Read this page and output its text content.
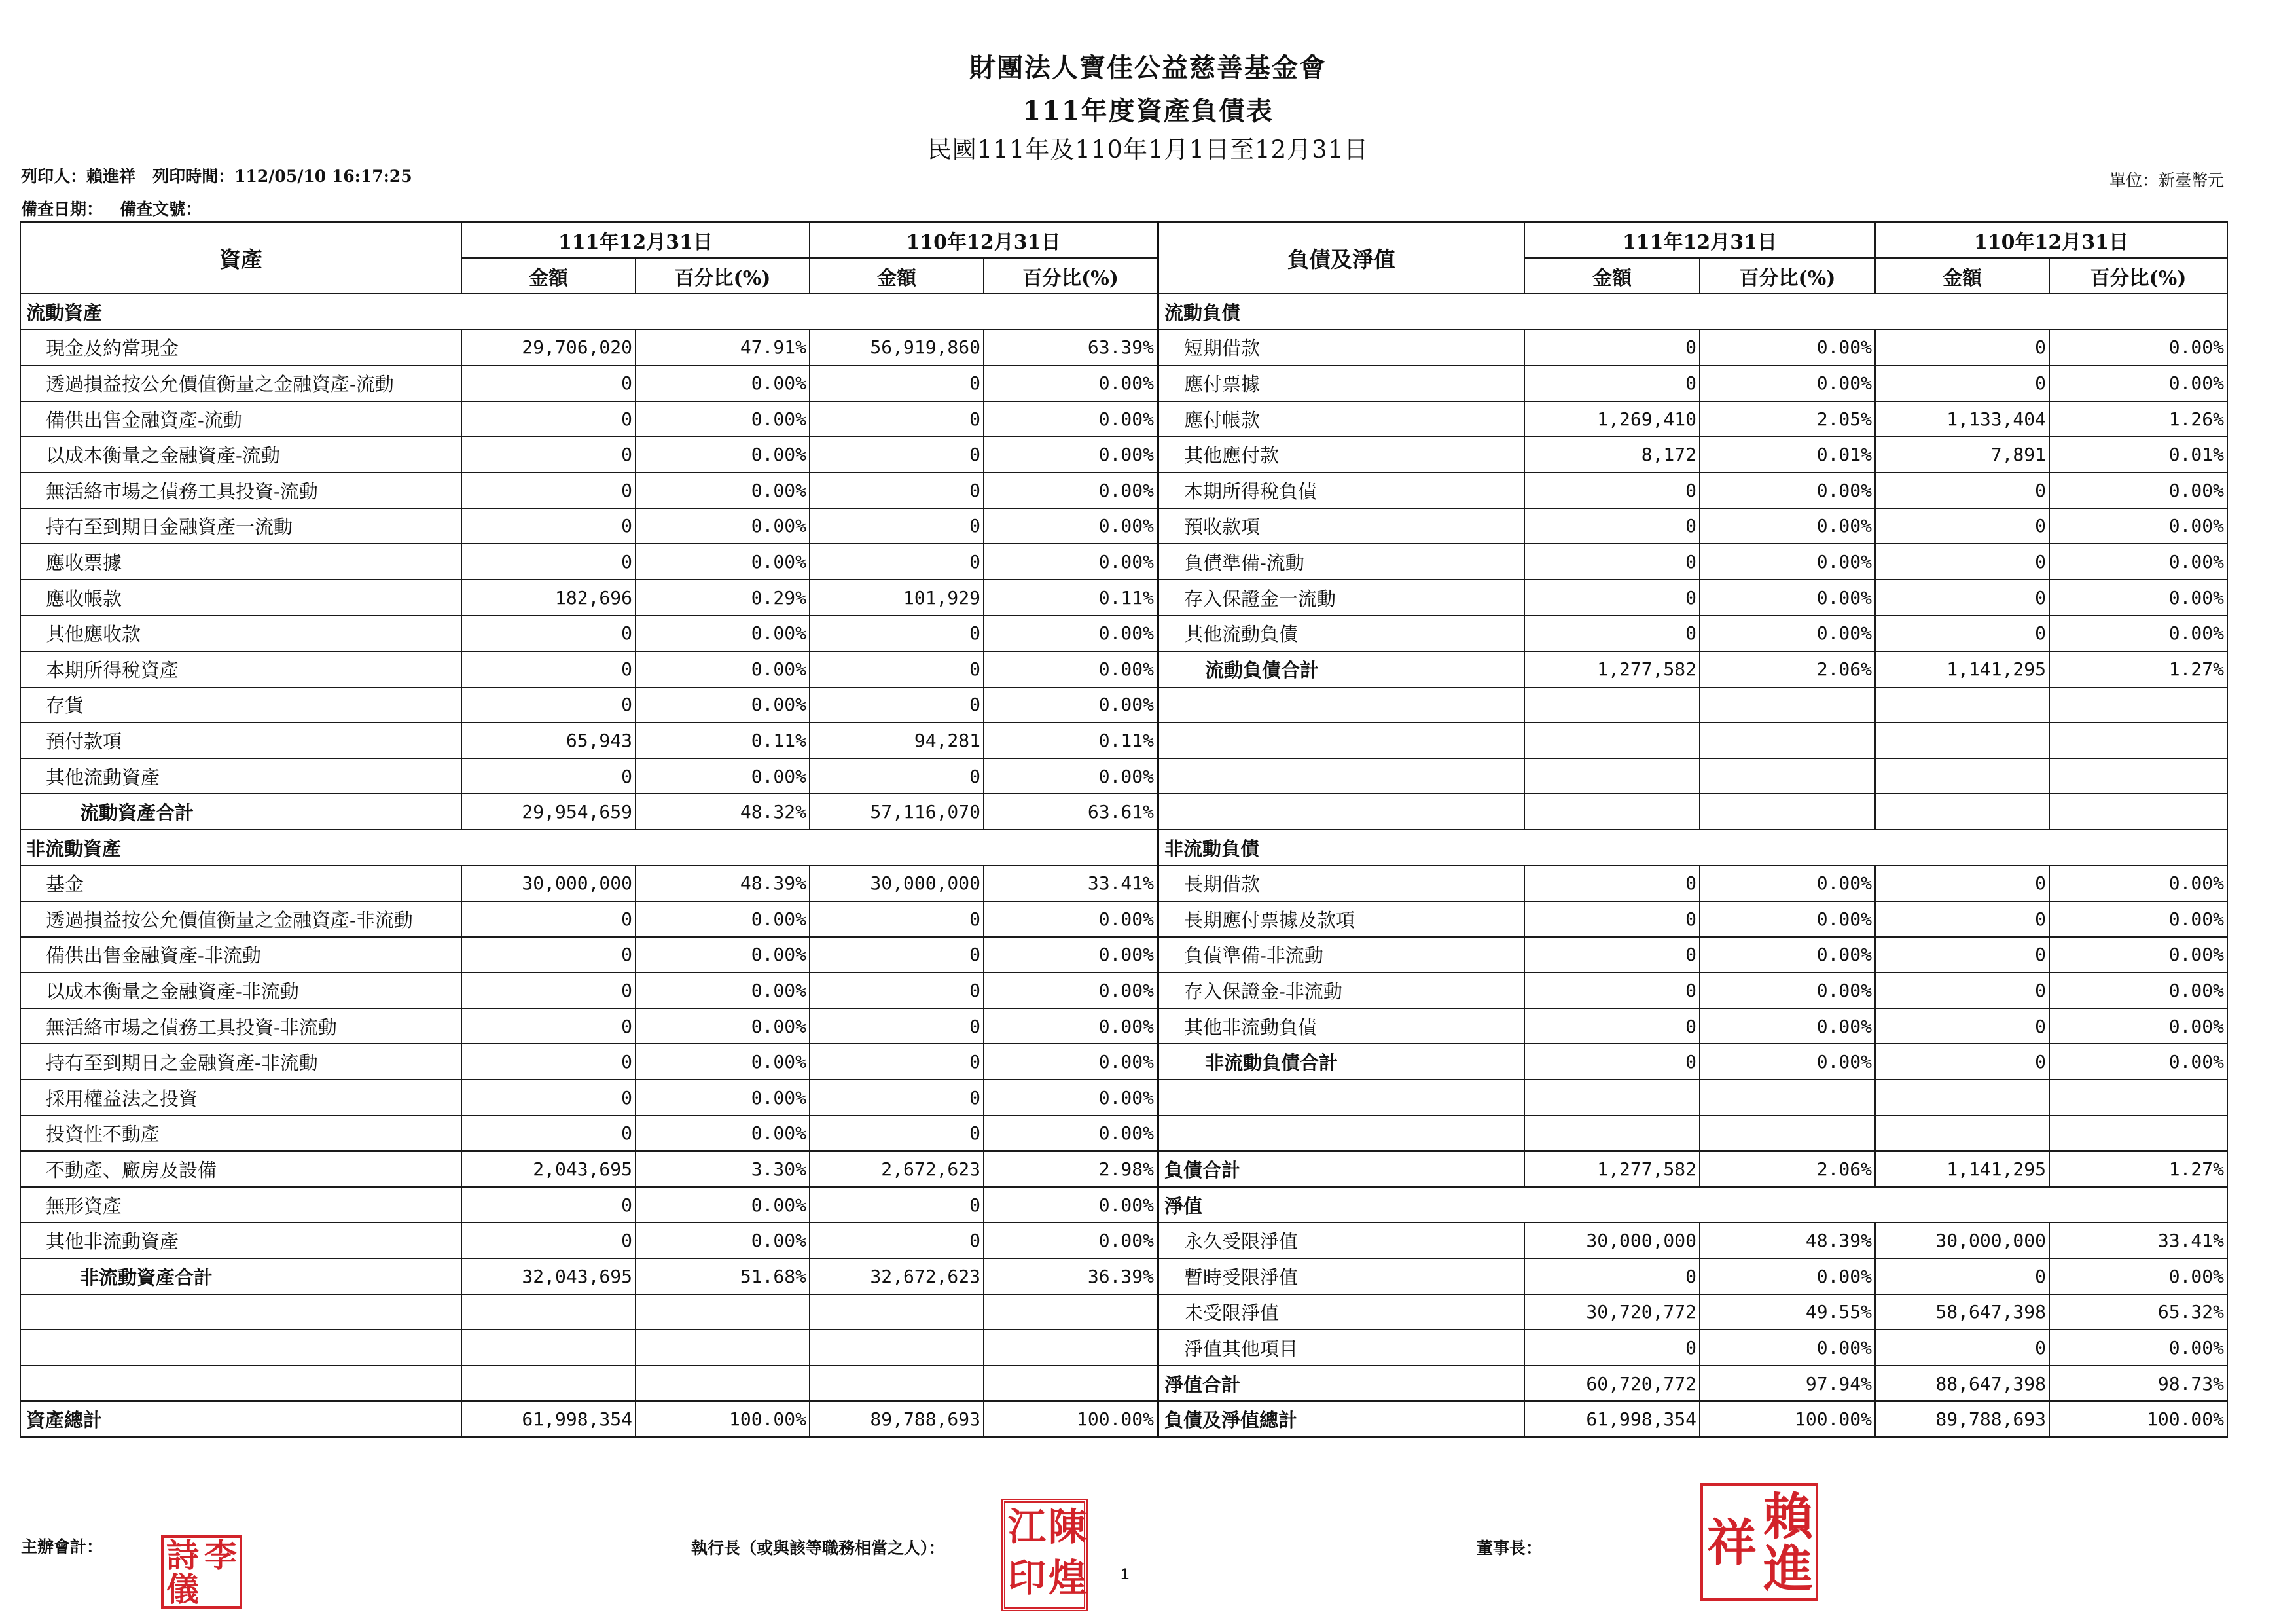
財團法人寶佳公益慈善基金會
111年度資產負債表
民國111年及110年1月1日至12月31日
列印人：賴進祥   列印時間：112/05/10 16:17:25
備查日期：   備查文號：
單位：新臺幣元
資產	111年12月31日		110年12月31日		負債及淨值	111年12月31日		110年12月31日	
	金額	百分比(%)	金額	百分比(%)		金額	百分比(%)	金額	百分比(%)
流動資產					流動負債				
現金及約當現金	29,706,020	47.91%	56,919,860	63.39%	短期借款	0	0.00%	0	0.00%
透過損益按公允價值衡量之金融資產-流動	0	0.00%	0	0.00%	應付票據	0	0.00%	0	0.00%
備供出售金融資產-流動	0	0.00%	0	0.00%	應付帳款	1,269,410	2.05%	1,133,404	1.26%
以成本衡量之金融資產-流動	0	0.00%	0	0.00%	其他應付款	8,172	0.01%	7,891	0.01%
無活絡市場之債務工具投資-流動	0	0.00%	0	0.00%	本期所得稅負債	0	0.00%	0	0.00%
持有至到期日金融資產一流動	0	0.00%	0	0.00%	預收款項	0	0.00%	0	0.00%
應收票據	0	0.00%	0	0.00%	負債準備-流動	0	0.00%	0	0.00%
應收帳款	182,696	0.29%	101,929	0.11%	存入保證金一流動	0	0.00%	0	0.00%
其他應收款	0	0.00%	0	0.00%	其他流動負債	0	0.00%	0	0.00%
本期所得稅資產	0	0.00%	0	0.00%	流動負債合計	1,277,582	2.06%	1,141,295	1.27%
存貨	0	0.00%	0	0.00%					
預付款項	65,943	0.11%	94,281	0.11%					
其他流動資產	0	0.00%	0	0.00%					
流動資產合計	29,954,659	48.32%	57,116,070	63.61%					
非流動資產					非流動負債				
基金	30,000,000	48.39%	30,000,000	33.41%	長期借款	0	0.00%	0	0.00%
透過損益按公允價值衡量之金融資產-非流動	0	0.00%	0	0.00%	長期應付票據及款項	0	0.00%	0	0.00%
備供出售金融資產-非流動	0	0.00%	0	0.00%	負債準備-非流動	0	0.00%	0	0.00%
以成本衡量之金融資產-非流動	0	0.00%	0	0.00%	存入保證金-非流動	0	0.00%	0	0.00%
無活絡市場之債務工具投資-非流動	0	0.00%	0	0.00%	其他非流動負債	0	0.00%	0	0.00%
持有至到期日之金融資產-非流動	0	0.00%	0	0.00%	非流動負債合計	0	0.00%	0	0.00%
採用權益法之投資	0	0.00%	0	0.00%					
投資性不動產	0	0.00%	0	0.00%					
不動產、廠房及設備	2,043,695	3.30%	2,672,623	2.98%	負債合計	1,277,582	2.06%	1,141,295	1.27%
無形資產	0	0.00%	0	0.00%	淨值				
其他非流動資產	0	0.00%	0	0.00%	永久受限淨值	30,000,000	48.39%	30,000,000	33.41%
非流動資產合計	32,043,695	51.68%	32,672,623	36.39%	暫時受限淨值	0	0.00%	0	0.00%
					未受限淨值	30,720,772	49.55%	58,647,398	65.32%
					淨值其他項目	0	0.00%	0	0.00%
					淨值合計	60,720,772	97.94%	88,647,398	98.73%
資產總計	61,998,354	100.00%	89,788,693	100.00%	負債及淨值總計	61,998,354	100.00%	89,788,693	100.00%
主辦會計：	執行長（或與該等職務相當之人）：	董事長：
1
李
詩
儀
陳
煌
江
印
賴
進
祥
